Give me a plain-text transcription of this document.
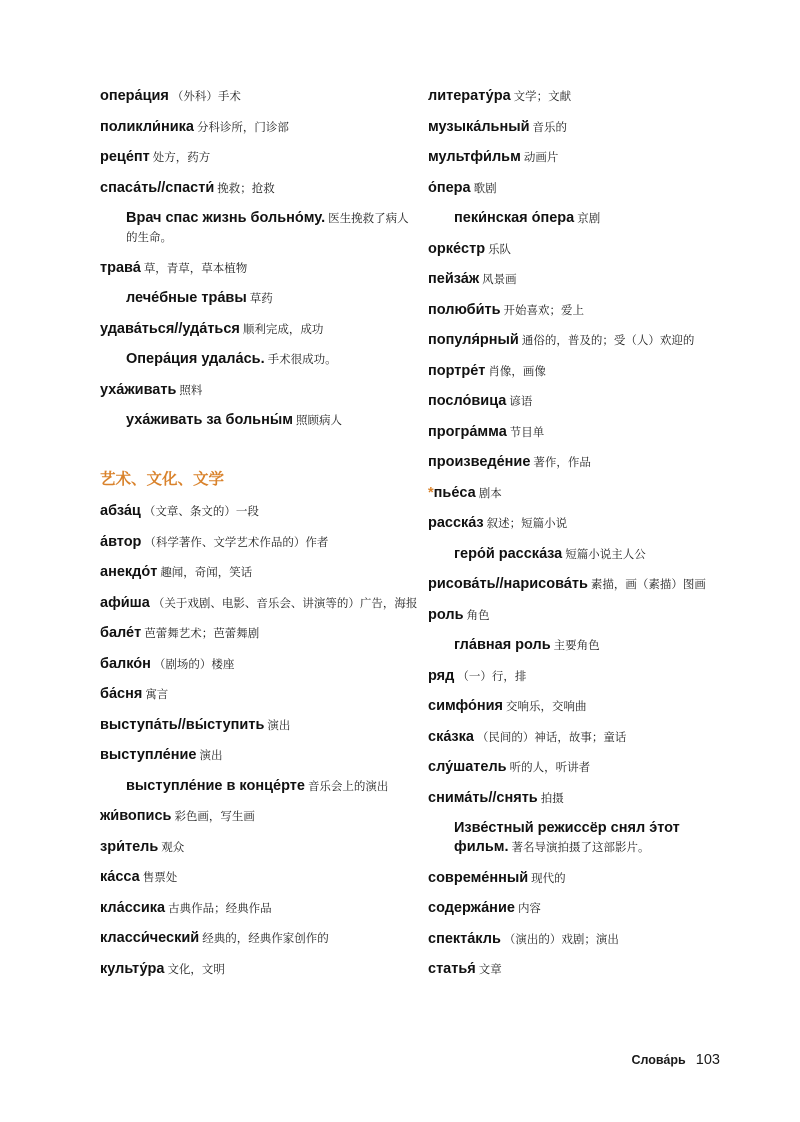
опера́ция （外科）手术
поликли́ника 分科诊所，门诊部
реце́пт 处方，药方
спаса́ть//спасти́ 挽救；抢救
Врач спас жизнь больно́му. 医生挽救了病人的生命。
трава́ 草，青草，草本植物
лече́бные тра́вы 草药
удава́ться//уда́ться 顺利完成，成功
Опера́ция удала́сь. 手术很成功。
уха́живать 照料
уха́живать за больны́м 照顾病人
艺术、文化、文学
абза́ц （文章、条文的）一段
а́втор （科学著作、文学艺术作品的）作者
анекдо́т 趣闻，奇闻，笑话
афи́ша （关于戏剧、电影、音乐会、讲演等的）广告，海报
бале́т 芭蕾舞艺术；芭蕾舞剧
балко́н （剧场的）楼座
ба́сня 寓言
выступа́ть//вы́ступить 演出
выступле́ние 演出
выступле́ние в конце́рте 音乐会上的演出
жи́вопись 彩色画，写生画
зри́тель 观众
ка́сса 售票处
кла́ссика 古典作品；经典作品
класси́ческий 经典的，经典作家创作的
культу́ра 文化，文明
литерату́ра 文学；文献
музыка́льный 音乐的
мультфи́льм 动画片
о́пера 歌剧
пеки́нская о́пера 京剧
орке́стр 乐队
пейза́ж 风景画
полюби́ть 开始喜欢；爱上
популя́рный 通俗的，普及的；受（人）欢迎的
портре́т 肖像，画像
посло́вица 谚语
програ́мма 节目单
произведе́ние 著作，作品
*пье́са 剧本
расска́з 叙述；短篇小说
геро́й расска́за 短篇小说主人公
рисова́ть//нарисова́ть 素描，画（素描）图画
роль 角色
гла́вная роль 主要角色
ряд （一）行，排
симфо́ния 交响乐，交响曲
ска́зка （民间的）神话，故事；童话
слу́шатель 听的人，听讲者
снима́ть//снять 拍摄
Изве́стный режиссёр снял э́тот фильм. 著名导演拍摄了这部影片。
совреме́нный 现代的
содержа́ние 内容
спекта́кль （演出的）戏剧；演出
статья́ 文章
Слова́рь 103
